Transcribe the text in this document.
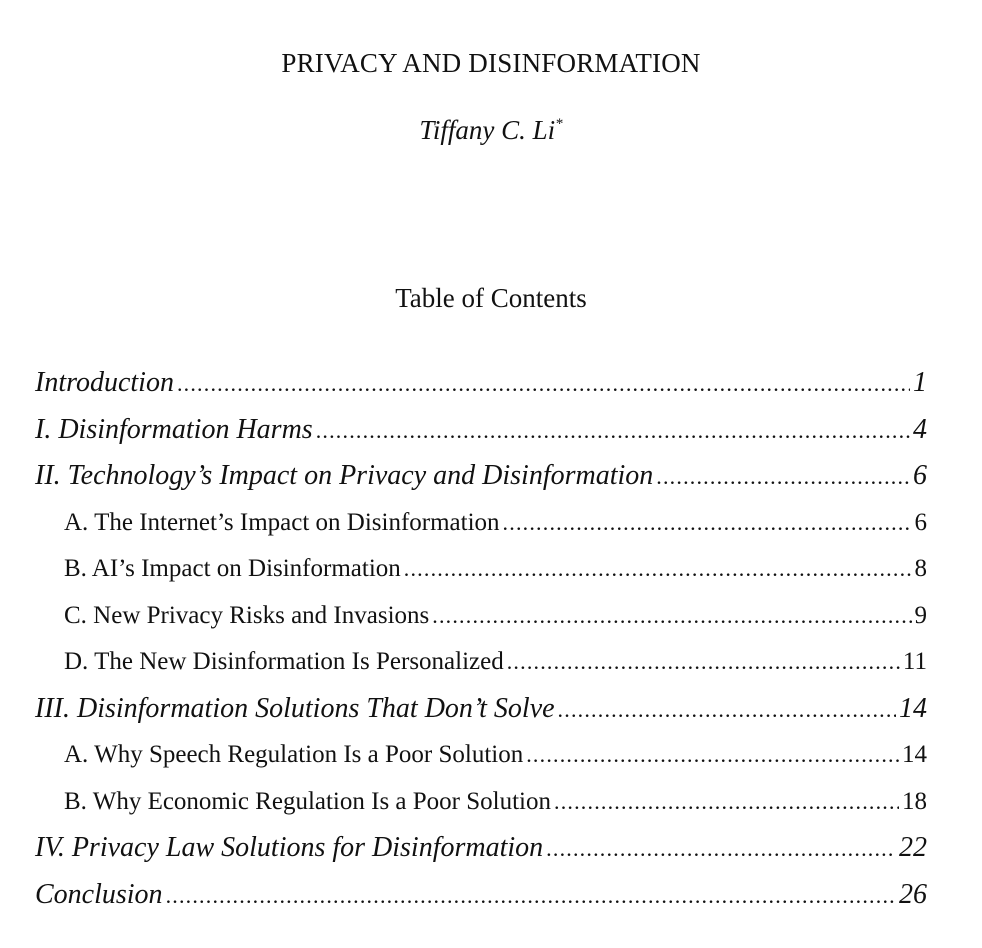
PRIVACY AND DISINFORMATION
Tiffany C. Li*
Table of Contents
Introduction .....	1
I. Disinformation Harms .....	4
II. Technology’s Impact on Privacy and Disinformation .....	6
A. The Internet’s Impact on Disinformation .....	6
B. AI’s Impact on Disinformation .....	8
C. New Privacy Risks and Invasions .....	9
D. The New Disinformation Is Personalized .....	11
III. Disinformation Solutions That Don’t Solve .....	14
A. Why Speech Regulation Is a Poor Solution .....	14
B. Why Economic Regulation Is a Poor Solution .....	18
IV. Privacy Law Solutions for Disinformation .....	22
Conclusion .....	26
